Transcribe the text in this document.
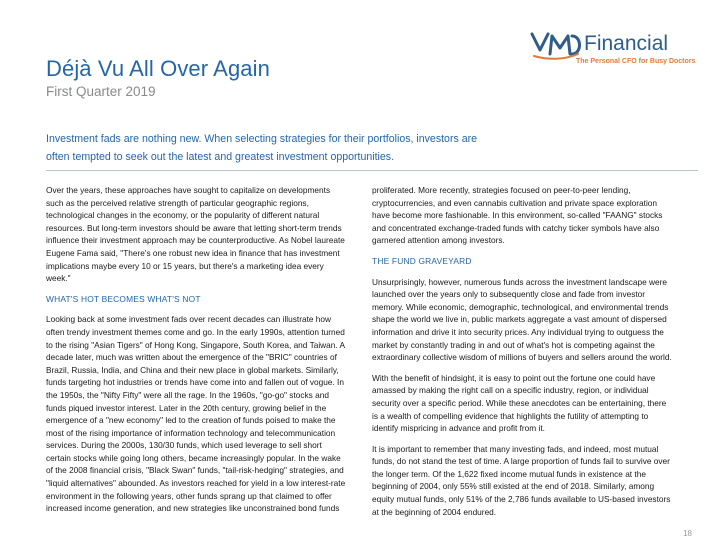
Déjà Vu All Over Again

First Quarter 2019

Financial
The Personal CFO for Busy Doctors

Investment fads are nothing new. When selecting strategies for their portfolios, investors are often tempted to seek out the latest and greatest investment opportunities.

Over the years, these approaches have sought to capitalize on developments such as the perceived relative strength of particular geographic regions, technological changes in the economy, or the popularity of different natural resources. But long-term investors should be aware that letting short-term trends influence their investment approach may be counterproductive. As Nobel laureate Eugene Fama said, "There's one robust new idea in finance that has investment implications maybe every 10 or 15 years, but there's a marketing idea every week."

WHAT'S HOT BECOMES WHAT'S NOT

Looking back at some investment fads over recent decades can illustrate how often trendy investment themes come and go. In the early 1990s, attention turned to the rising "Asian Tigers" of Hong Kong, Singapore, South Korea, and Taiwan. A decade later, much was written about the emergence of the "BRIC" countries of Brazil, Russia, India, and China and their new place in global markets. Similarly, funds targeting hot industries or trends have come into and fallen out of vogue. In the 1950s, the "Nifty Fifty" were all the rage. In the 1960s, "go-go" stocks and funds piqued investor interest. Later in the 20th century, growing belief in the emergence of a "new economy" led to the creation of funds poised to make the most of the rising importance of information technology and telecommunication services. During the 2000s, 130/30 funds, which used leverage to sell short certain stocks while going long others, became increasingly popular. In the wake of the 2008 financial crisis, "Black Swan" funds, "tail-risk-hedging" strategies, and "liquid alternatives" abounded. As investors reached for yield in a low interest-rate environment in the following years, other funds sprang up that claimed to offer increased income generation, and new strategies like unconstrained bond funds

proliferated. More recently, strategies focused on peer-to-peer lending, cryptocurrencies, and even cannabis cultivation and private space exploration have become more fashionable. In this environment, so-called "FAANG" stocks and concentrated exchange-traded funds with catchy ticker symbols have also garnered attention among investors.

THE FUND GRAVEYARD

Unsurprisingly, however, numerous funds across the investment landscape were launched over the years only to subsequently close and fade from investor memory. While economic, demographic, technological, and environmental trends shape the world we live in, public markets aggregate a vast amount of dispersed information and drive it into security prices. Any individual trying to outguess the market by constantly trading in and out of what's hot is competing against the extraordinary collective wisdom of millions of buyers and sellers around the world.

With the benefit of hindsight, it is easy to point out the fortune one could have amassed by making the right call on a specific industry, region, or individual security over a specific period. While these anecdotes can be entertaining, there is a wealth of compelling evidence that highlights the futility of attempting to identify mispricing in advance and profit from it.

It is important to remember that many investing fads, and indeed, most mutual funds, do not stand the test of time. A large proportion of funds fail to survive over the longer term. Of the 1,622 fixed income mutual funds in existence at the beginning of 2004, only 55% still existed at the end of 2018. Similarly, among equity mutual funds, only 51% of the 2,786 funds available to US-based investors at the beginning of 2004 endured.

18
